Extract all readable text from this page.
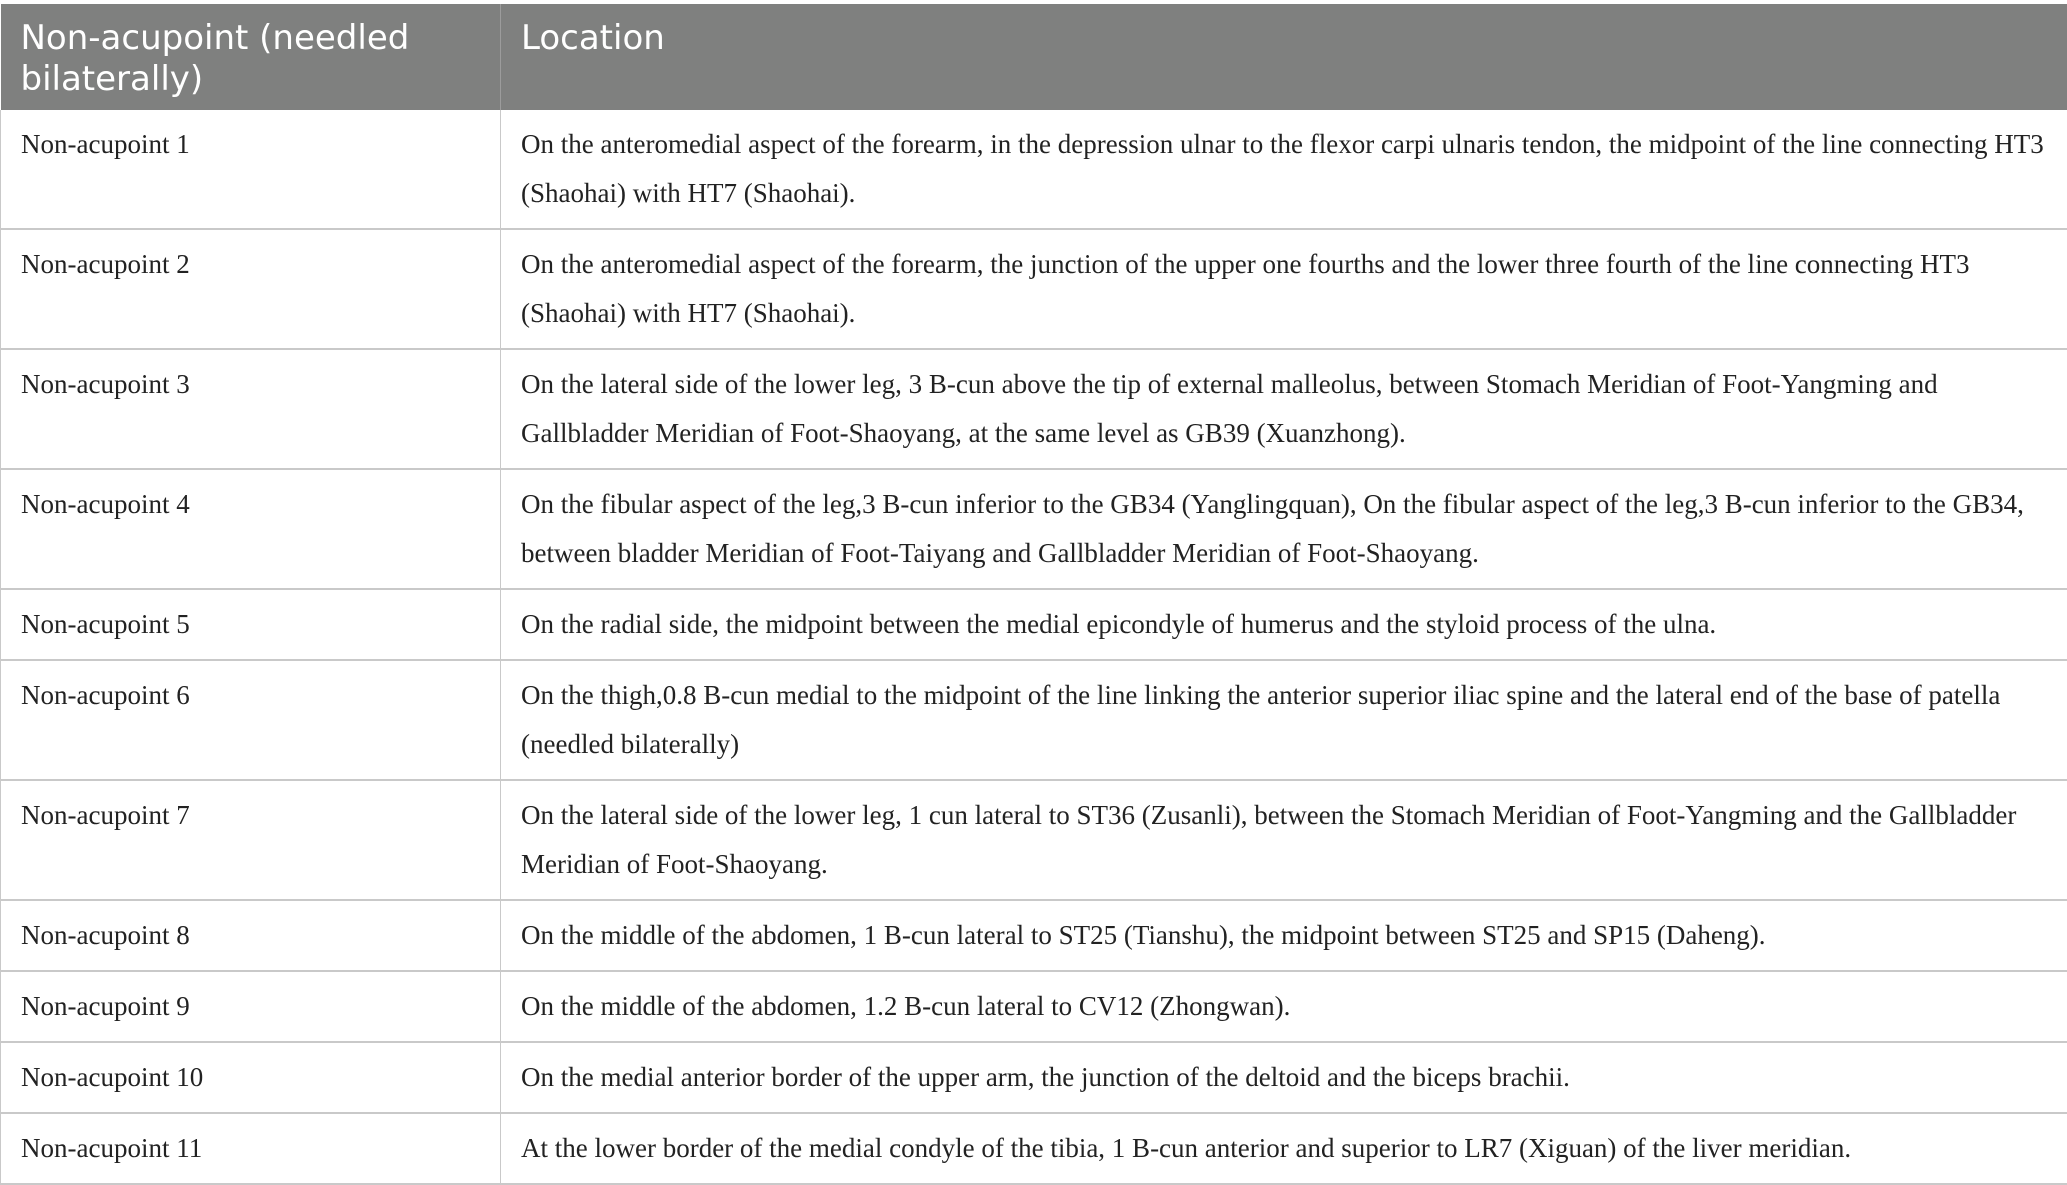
Non-acupoint (needled bilaterally)	Location
Non-acupoint 1	On the anteromedial aspect of the forearm, in the depression ulnar to the flexor carpi ulnaris tendon, the midpoint of the line connecting HT3 (Shaohai) with HT7 (Shaohai).
Non-acupoint 2	On the anteromedial aspect of the forearm, the junction of the upper one fourths and the lower three fourth of the line connecting HT3 (Shaohai) with HT7 (Shaohai).
Non-acupoint 3	On the lateral side of the lower leg, 3 B-cun above the tip of external malleolus, between Stomach Meridian of Foot-Yangming and Gallbladder Meridian of Foot-Shaoyang, at the same level as GB39 (Xuanzhong).
Non-acupoint 4	On the fibular aspect of the leg,3 B-cun inferior to the GB34 (Yanglingquan), On the fibular aspect of the leg,3 B-cun inferior to the GB34, between bladder Meridian of Foot-Taiyang and Gallbladder Meridian of Foot-Shaoyang.
Non-acupoint 5	On the radial side, the midpoint between the medial epicondyle of humerus and the styloid process of the ulna.
Non-acupoint 6	On the thigh,0.8 B-cun medial to the midpoint of the line linking the anterior superior iliac spine and the lateral end of the base of patella (needled bilaterally)
Non-acupoint 7	On the lateral side of the lower leg, 1 cun lateral to ST36 (Zusanli), between the Stomach Meridian of Foot-Yangming and the Gallbladder Meridian of Foot-Shaoyang.
Non-acupoint 8	On the middle of the abdomen, 1 B-cun lateral to ST25 (Tianshu), the midpoint between ST25 and SP15 (Daheng).
Non-acupoint 9	On the middle of the abdomen, 1.2 B-cun lateral to CV12 (Zhongwan).
Non-acupoint 10	On the medial anterior border of the upper arm, the junction of the deltoid and the biceps brachii.
Non-acupoint 11	At the lower border of the medial condyle of the tibia, 1 B-cun anterior and superior to LR7 (Xiguan) of the liver meridian.
